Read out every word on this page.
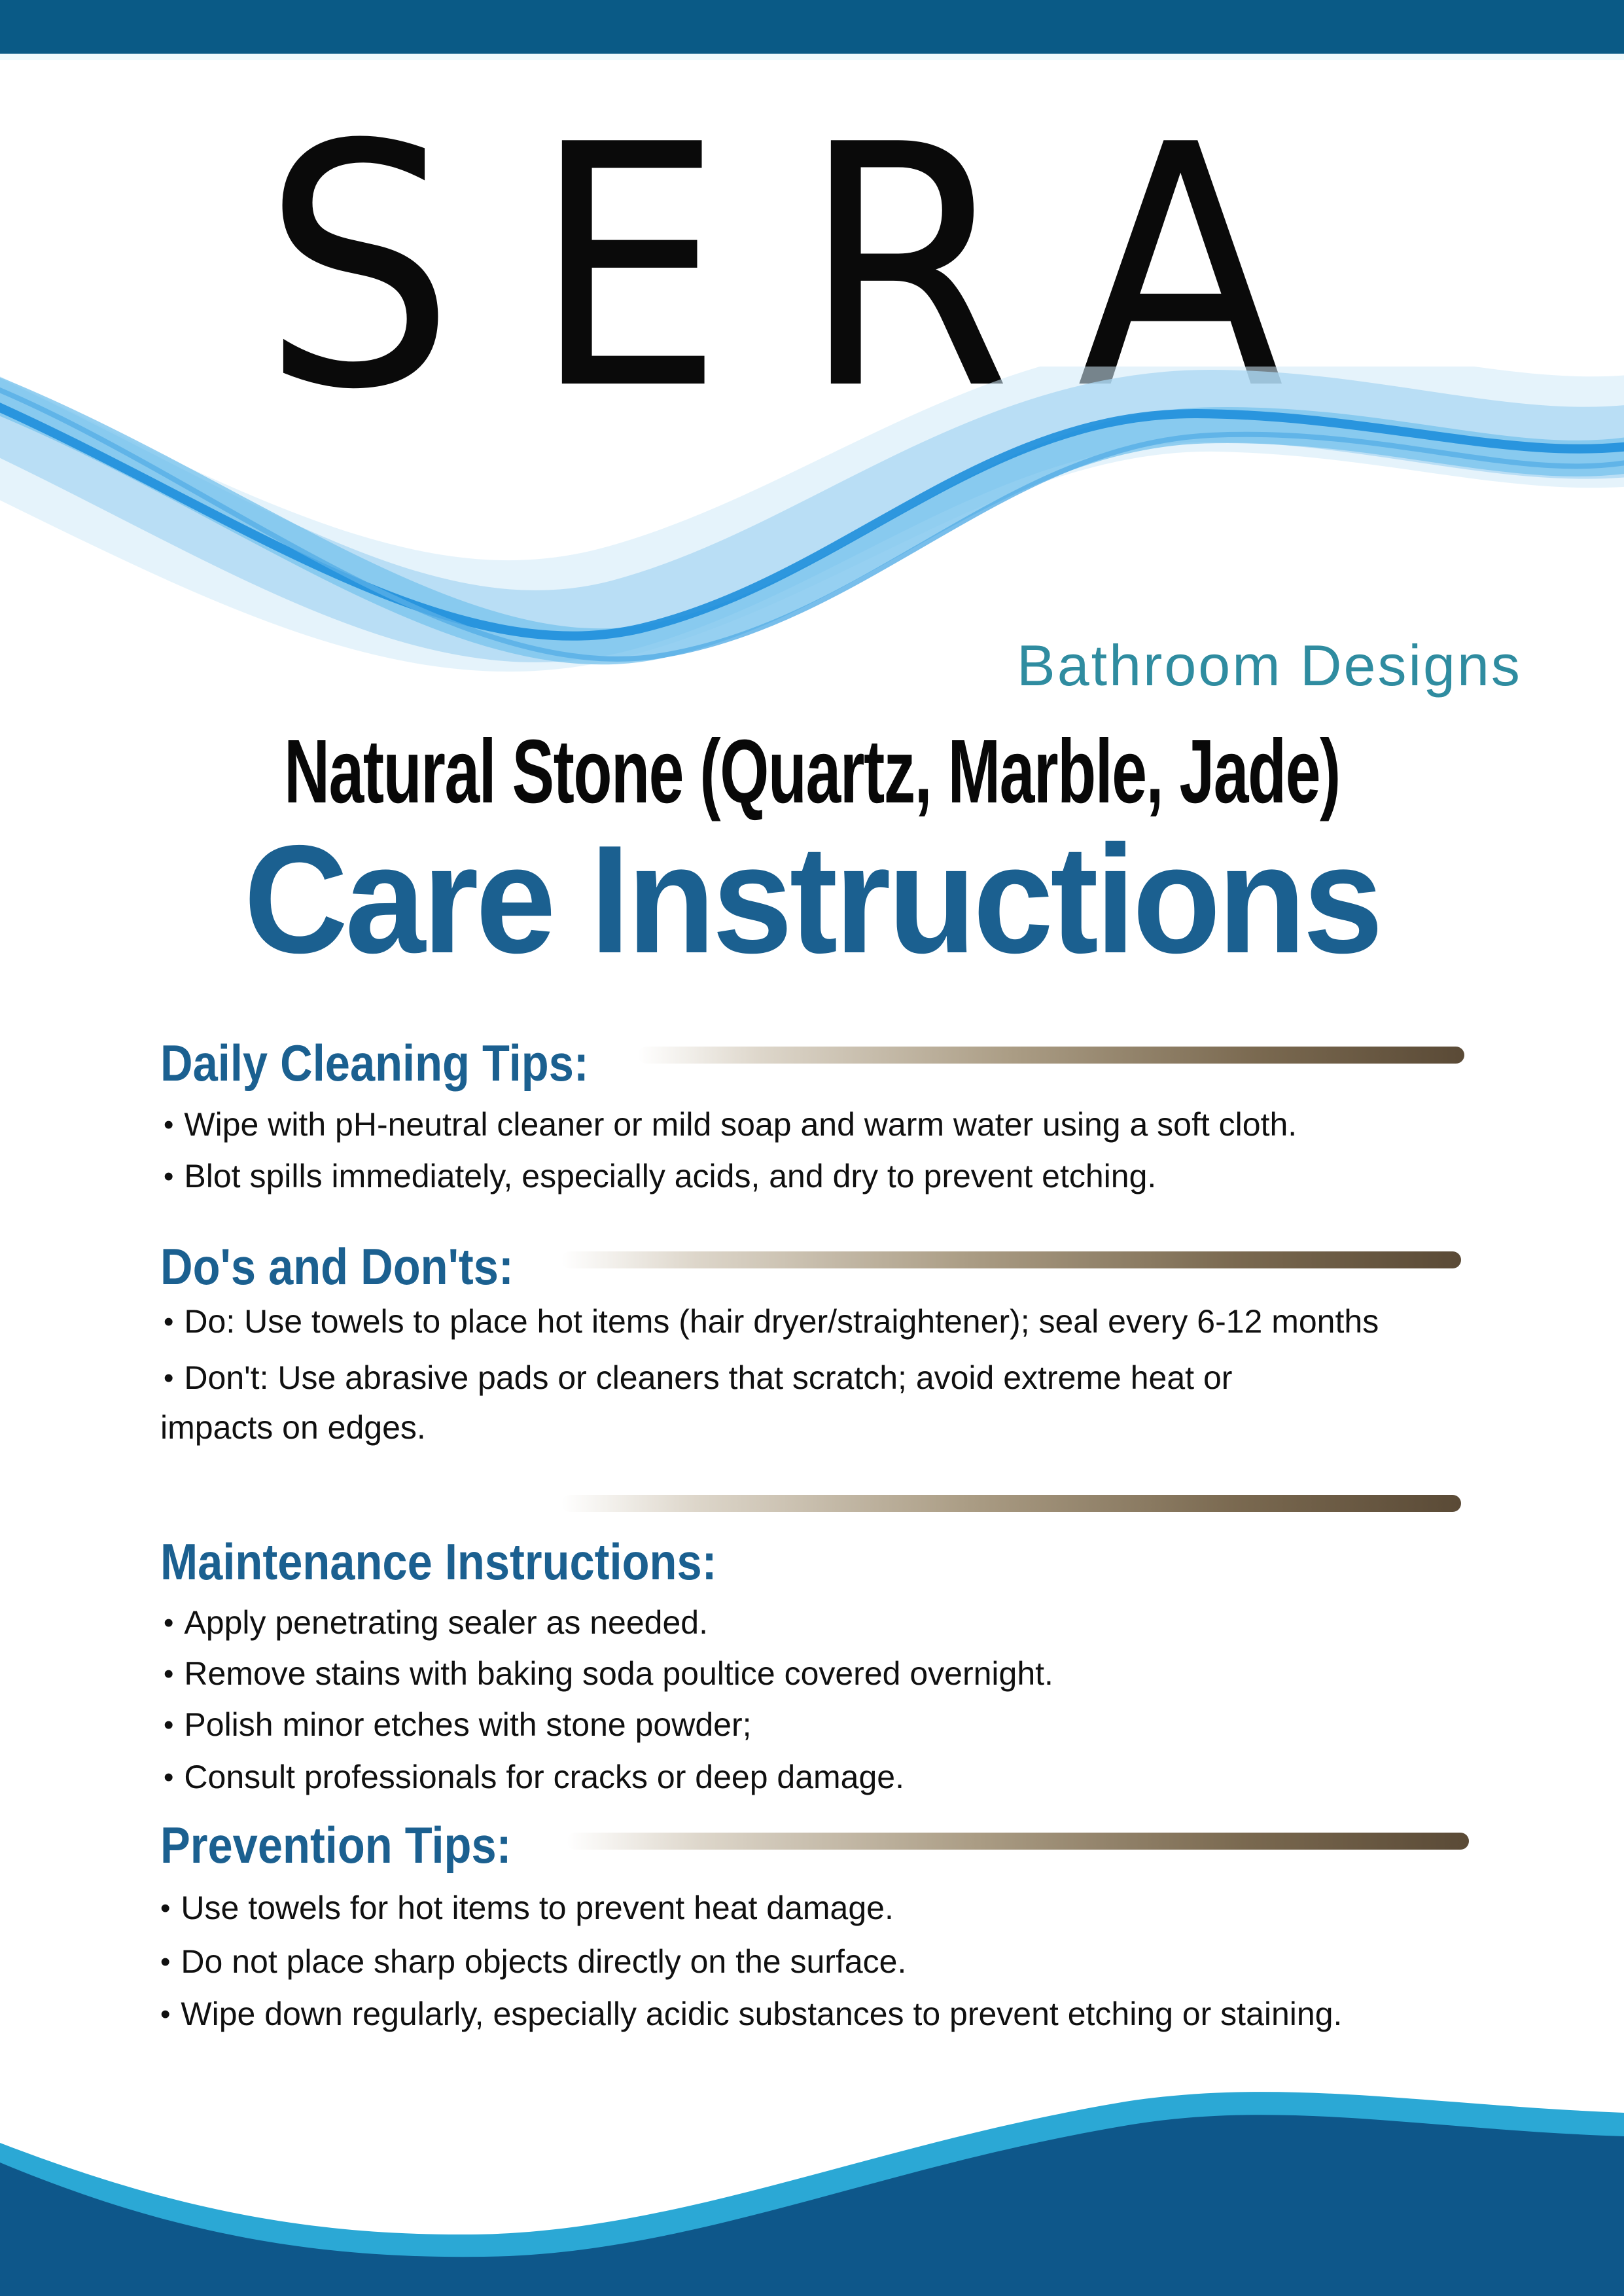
SERA
Bathroom Designs
Natural Stone (Quartz, Marble, Jade)
Care Instructions
Daily Cleaning Tips:
• Wipe with pH-neutral cleaner or mild soap and warm water using a soft cloth.
• Blot spills immediately, especially acids, and dry to prevent etching.
Do's and Don'ts:
• Do: Use towels to place hot items (hair dryer/straightener); seal every 6-12 months
• Don't: Use abrasive pads or cleaners that scratch; avoid extreme heat or
impacts on edges.
Maintenance Instructions:
• Apply penetrating sealer as needed.
• Remove stains with baking soda poultice covered overnight.
• Polish minor etches with stone powder;
• Consult professionals for cracks or deep damage.
Prevention Tips:
• Use towels for hot items to prevent heat damage.
• Do not place sharp objects directly on the surface.
• Wipe down regularly, especially acidic substances to prevent etching or staining.
